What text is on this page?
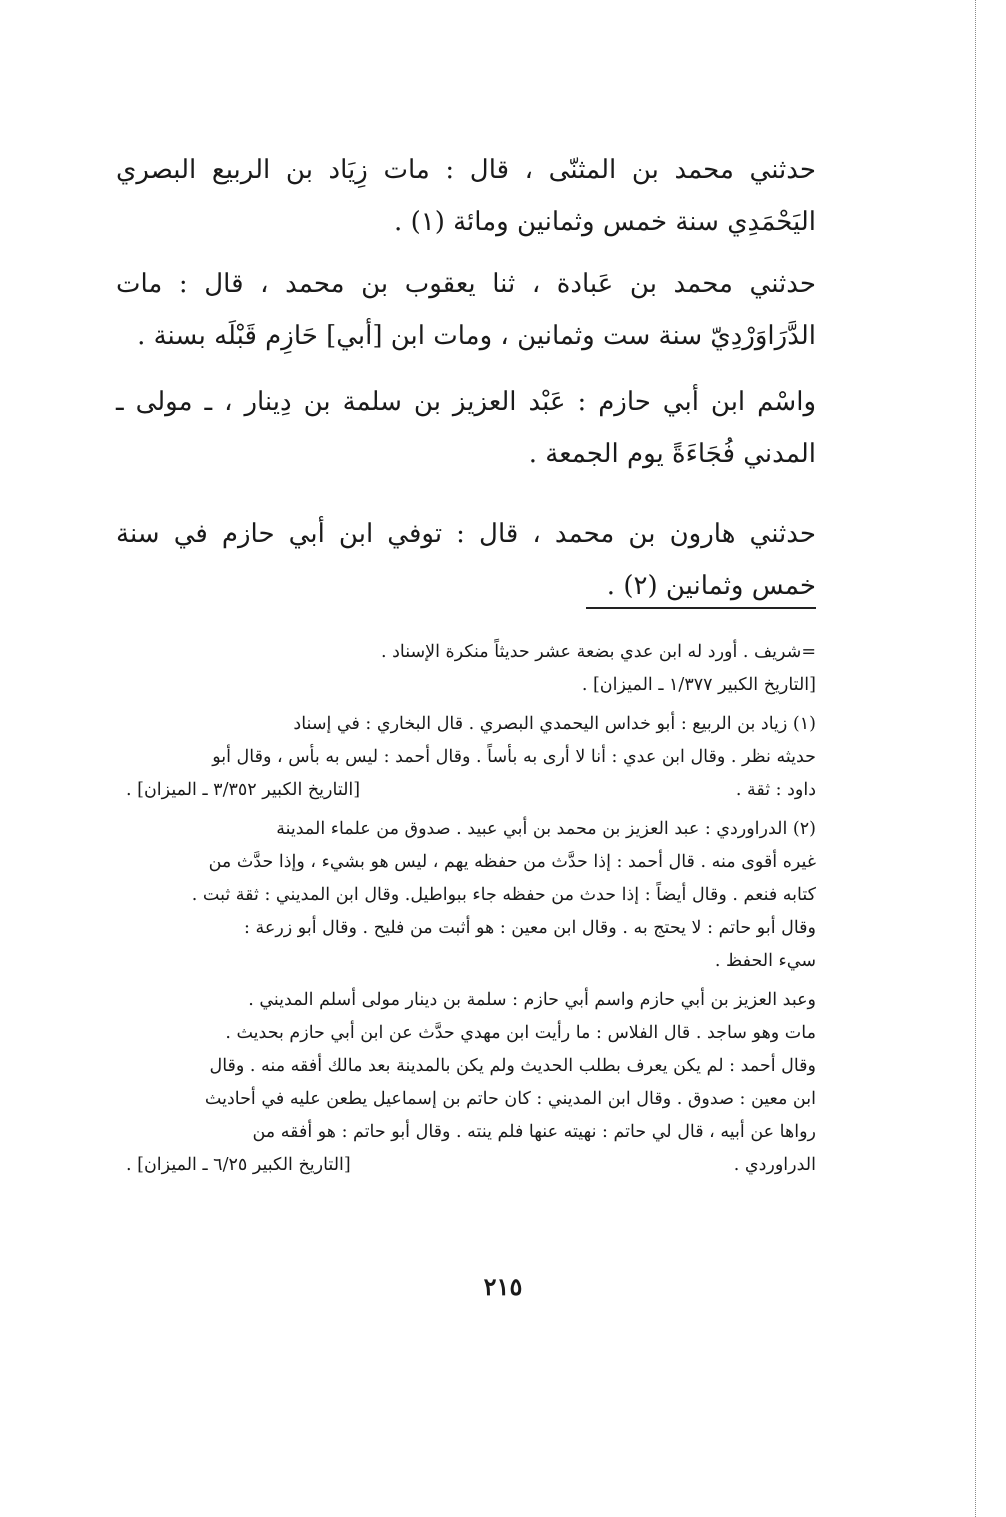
حدثني محمد بن المثنّى ، قال : مات زِيَاد بن الربيع البصري اليَحْمَدِي سنة خمس وثمانين ومائة (١) .

حدثني محمد بن عَبادة ، ثنا يعقوب بن محمد ، قال : مات الدَّرَاوَرْدِيّ سنة ست وثمانين ، ومات ابن [أبي] حَازِم قَبْلَه بسنة .

واسْم ابن أبي حازم : عَبْد العزيز بن سلمة بن دِينار ، ـ مولى ـ المدني فُجَاءَةً يوم الجمعة .

حدثني هارون بن محمد ، قال : توفي ابن أبي حازم في سنة خمس وثمانين (٢) .

=شريف . أورد له ابن عدي بضعة عشر حديثاً منكرة الإسناد .
[التاريخ الكبير ١/٣٧٧ ـ الميزان] .
(١) زياد بن الربيع : أبو خداس اليحمدي البصري . قال البخاري : في إسناد
حديثه نظر . وقال ابن عدي : أنا لا أرى به بأساً . وقال أحمد : ليس به بأس ، وقال أبو
داود : ثقة .
[التاريخ الكبير ٣/٣٥٢ ـ الميزان] .
(٢) الدراوردي : عبد العزيز بن محمد بن أبي عبيد . صدوق من علماء المدينة
غيره أقوى منه . قال أحمد : إذا حدَّث من حفظه يهم ، ليس هو بشيء ، وإذا حدَّث من
كتابه فنعم . وقال أيضاً : إذا حدث من حفظه جاء ببواطيل. وقال ابن المديني : ثقة ثبت .
وقال أبو حاتم : لا يحتج به . وقال ابن معين : هو أثبت من فليح . وقال أبو زرعة :
سيء الحفظ .
وعبد العزيز بن أبي حازم واسم أبي حازم : سلمة بن دينار مولى أسلم المديني .
مات وهو ساجد . قال الفلاس : ما رأيت ابن مهدي حدَّث عن ابن أبي حازم بحديث .
وقال أحمد : لم يكن يعرف بطلب الحديث ولم يكن بالمدينة بعد مالك أفقه منه . وقال
ابن معين : صدوق . وقال ابن المديني : كان حاتم بن إسماعيل يطعن عليه في أحاديث
رواها عن أبيه ، قال لي حاتم : نهيته عنها فلم ينته . وقال أبو حاتم : هو أفقه من
الدراوردي .
[التاريخ الكبير ٦/٢٥ ـ الميزان] .
٢١٥
